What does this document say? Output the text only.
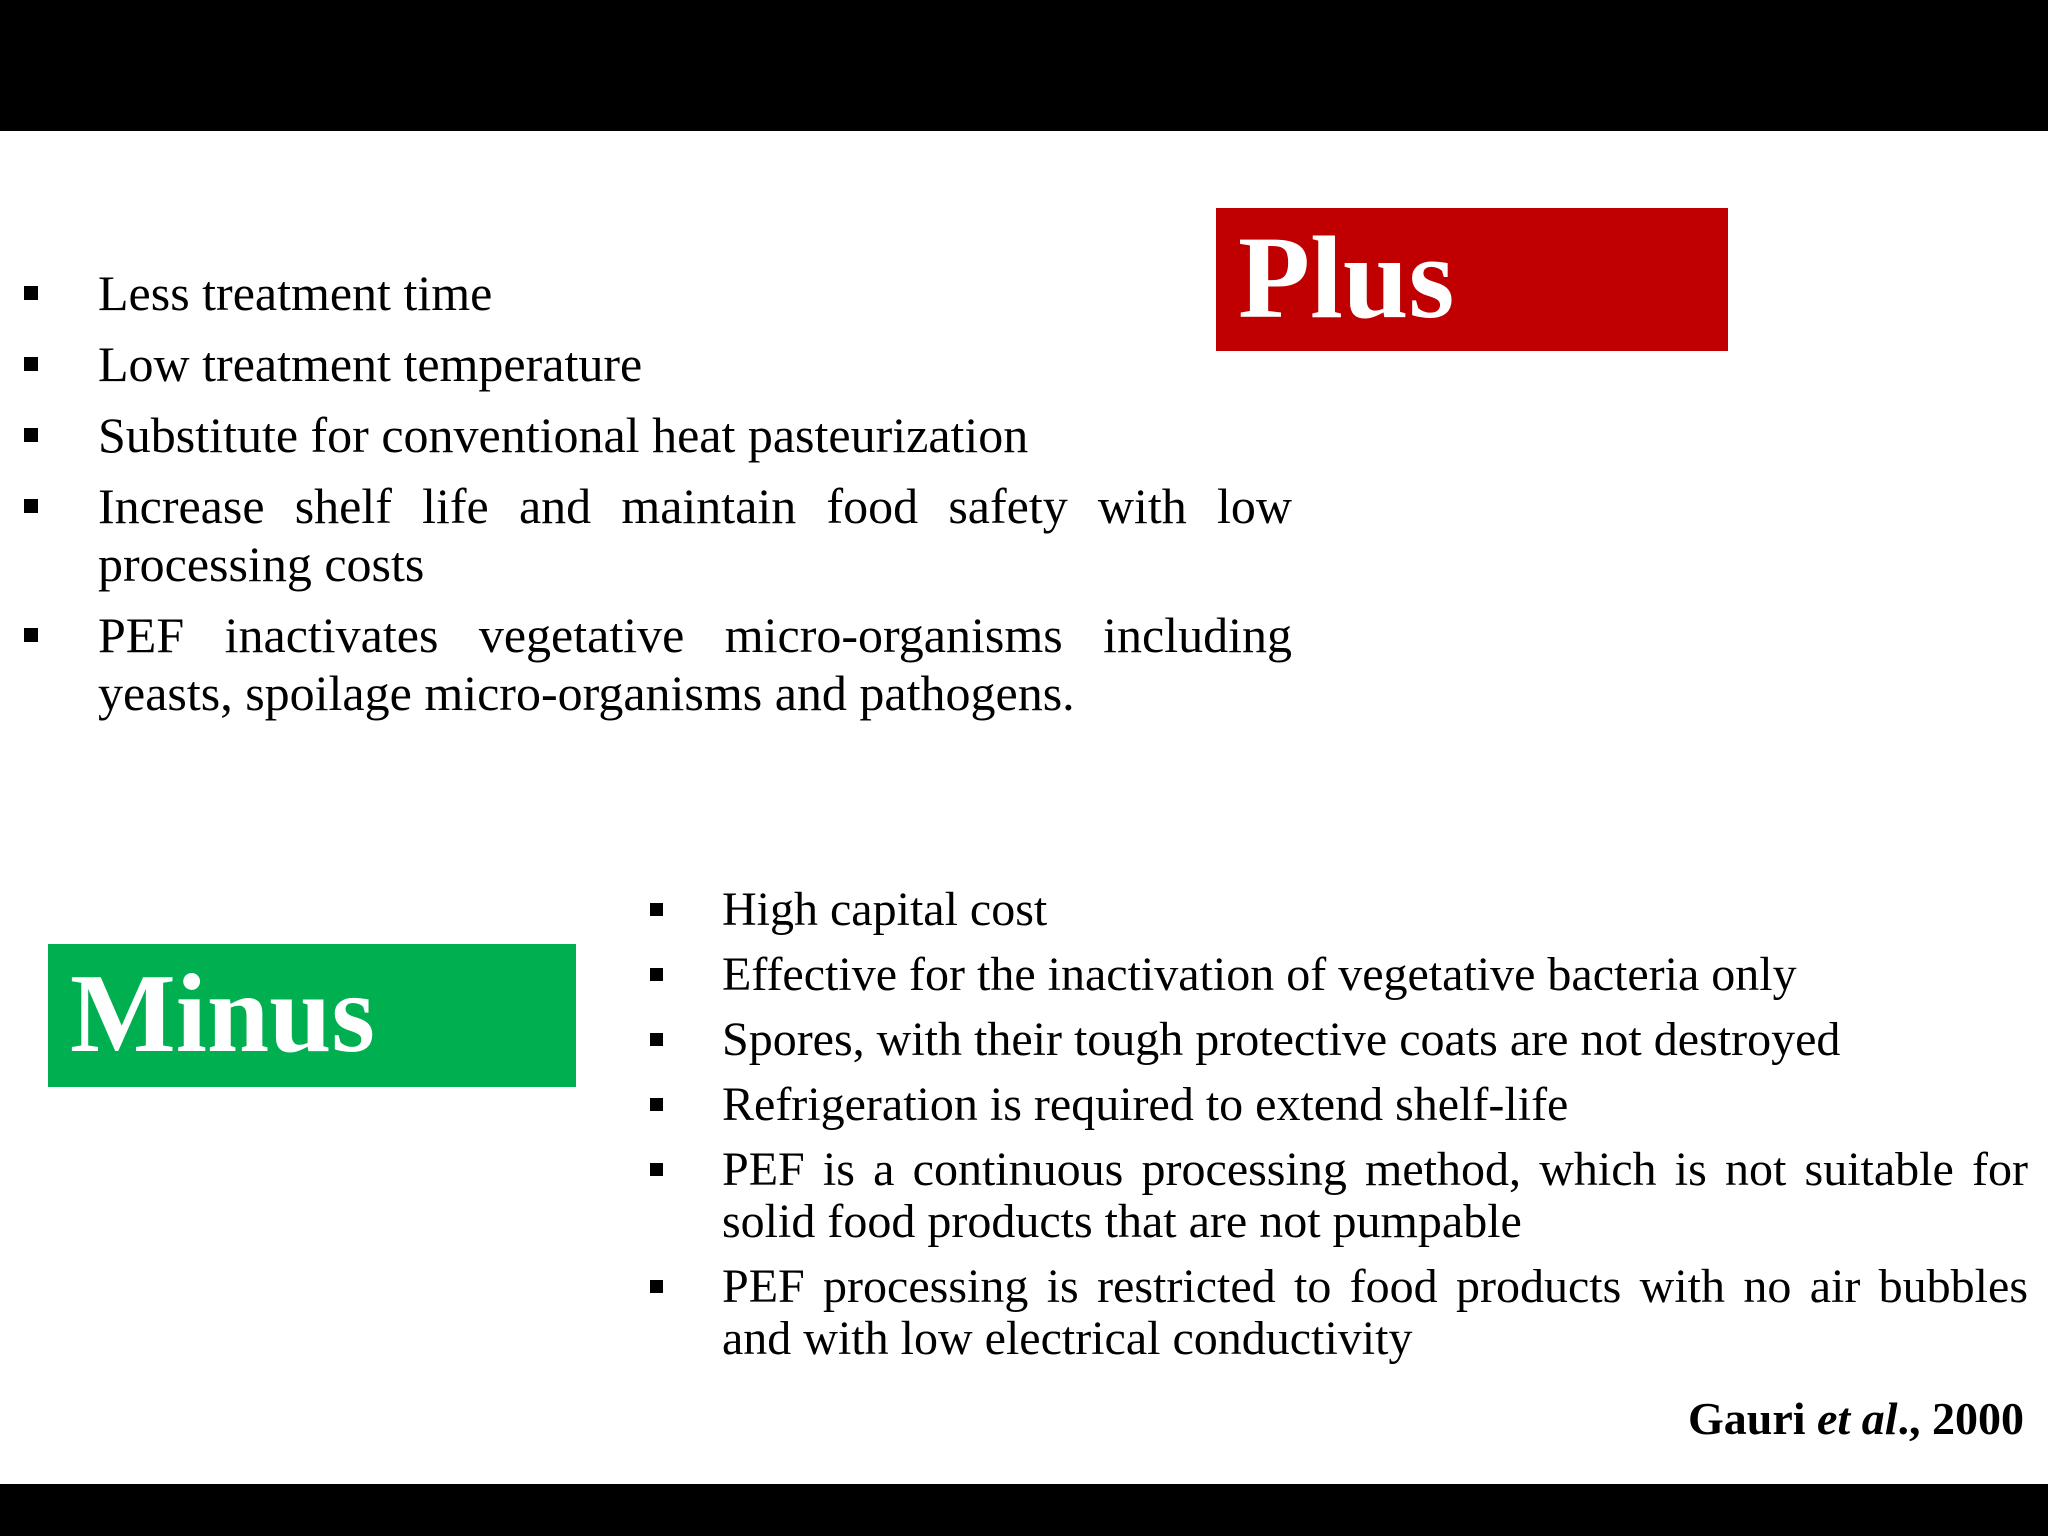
Plus
Less treatment time
Low treatment temperature
Substitute for conventional heat pasteurization
Increase shelf life and maintain food safety with low processing costs
PEF inactivates vegetative micro-organisms including yeasts, spoilage micro-organisms and pathogens.
Minus
High capital cost
Effective for the inactivation of vegetative bacteria only
Spores, with their tough protective coats are not destroyed
Refrigeration is required to extend shelf-life
PEF is a continuous processing method, which is not suitable for solid food products that are not pumpable
PEF processing is restricted to food products with no air bubbles and with low electrical conductivity
Gauri et al., 2000
